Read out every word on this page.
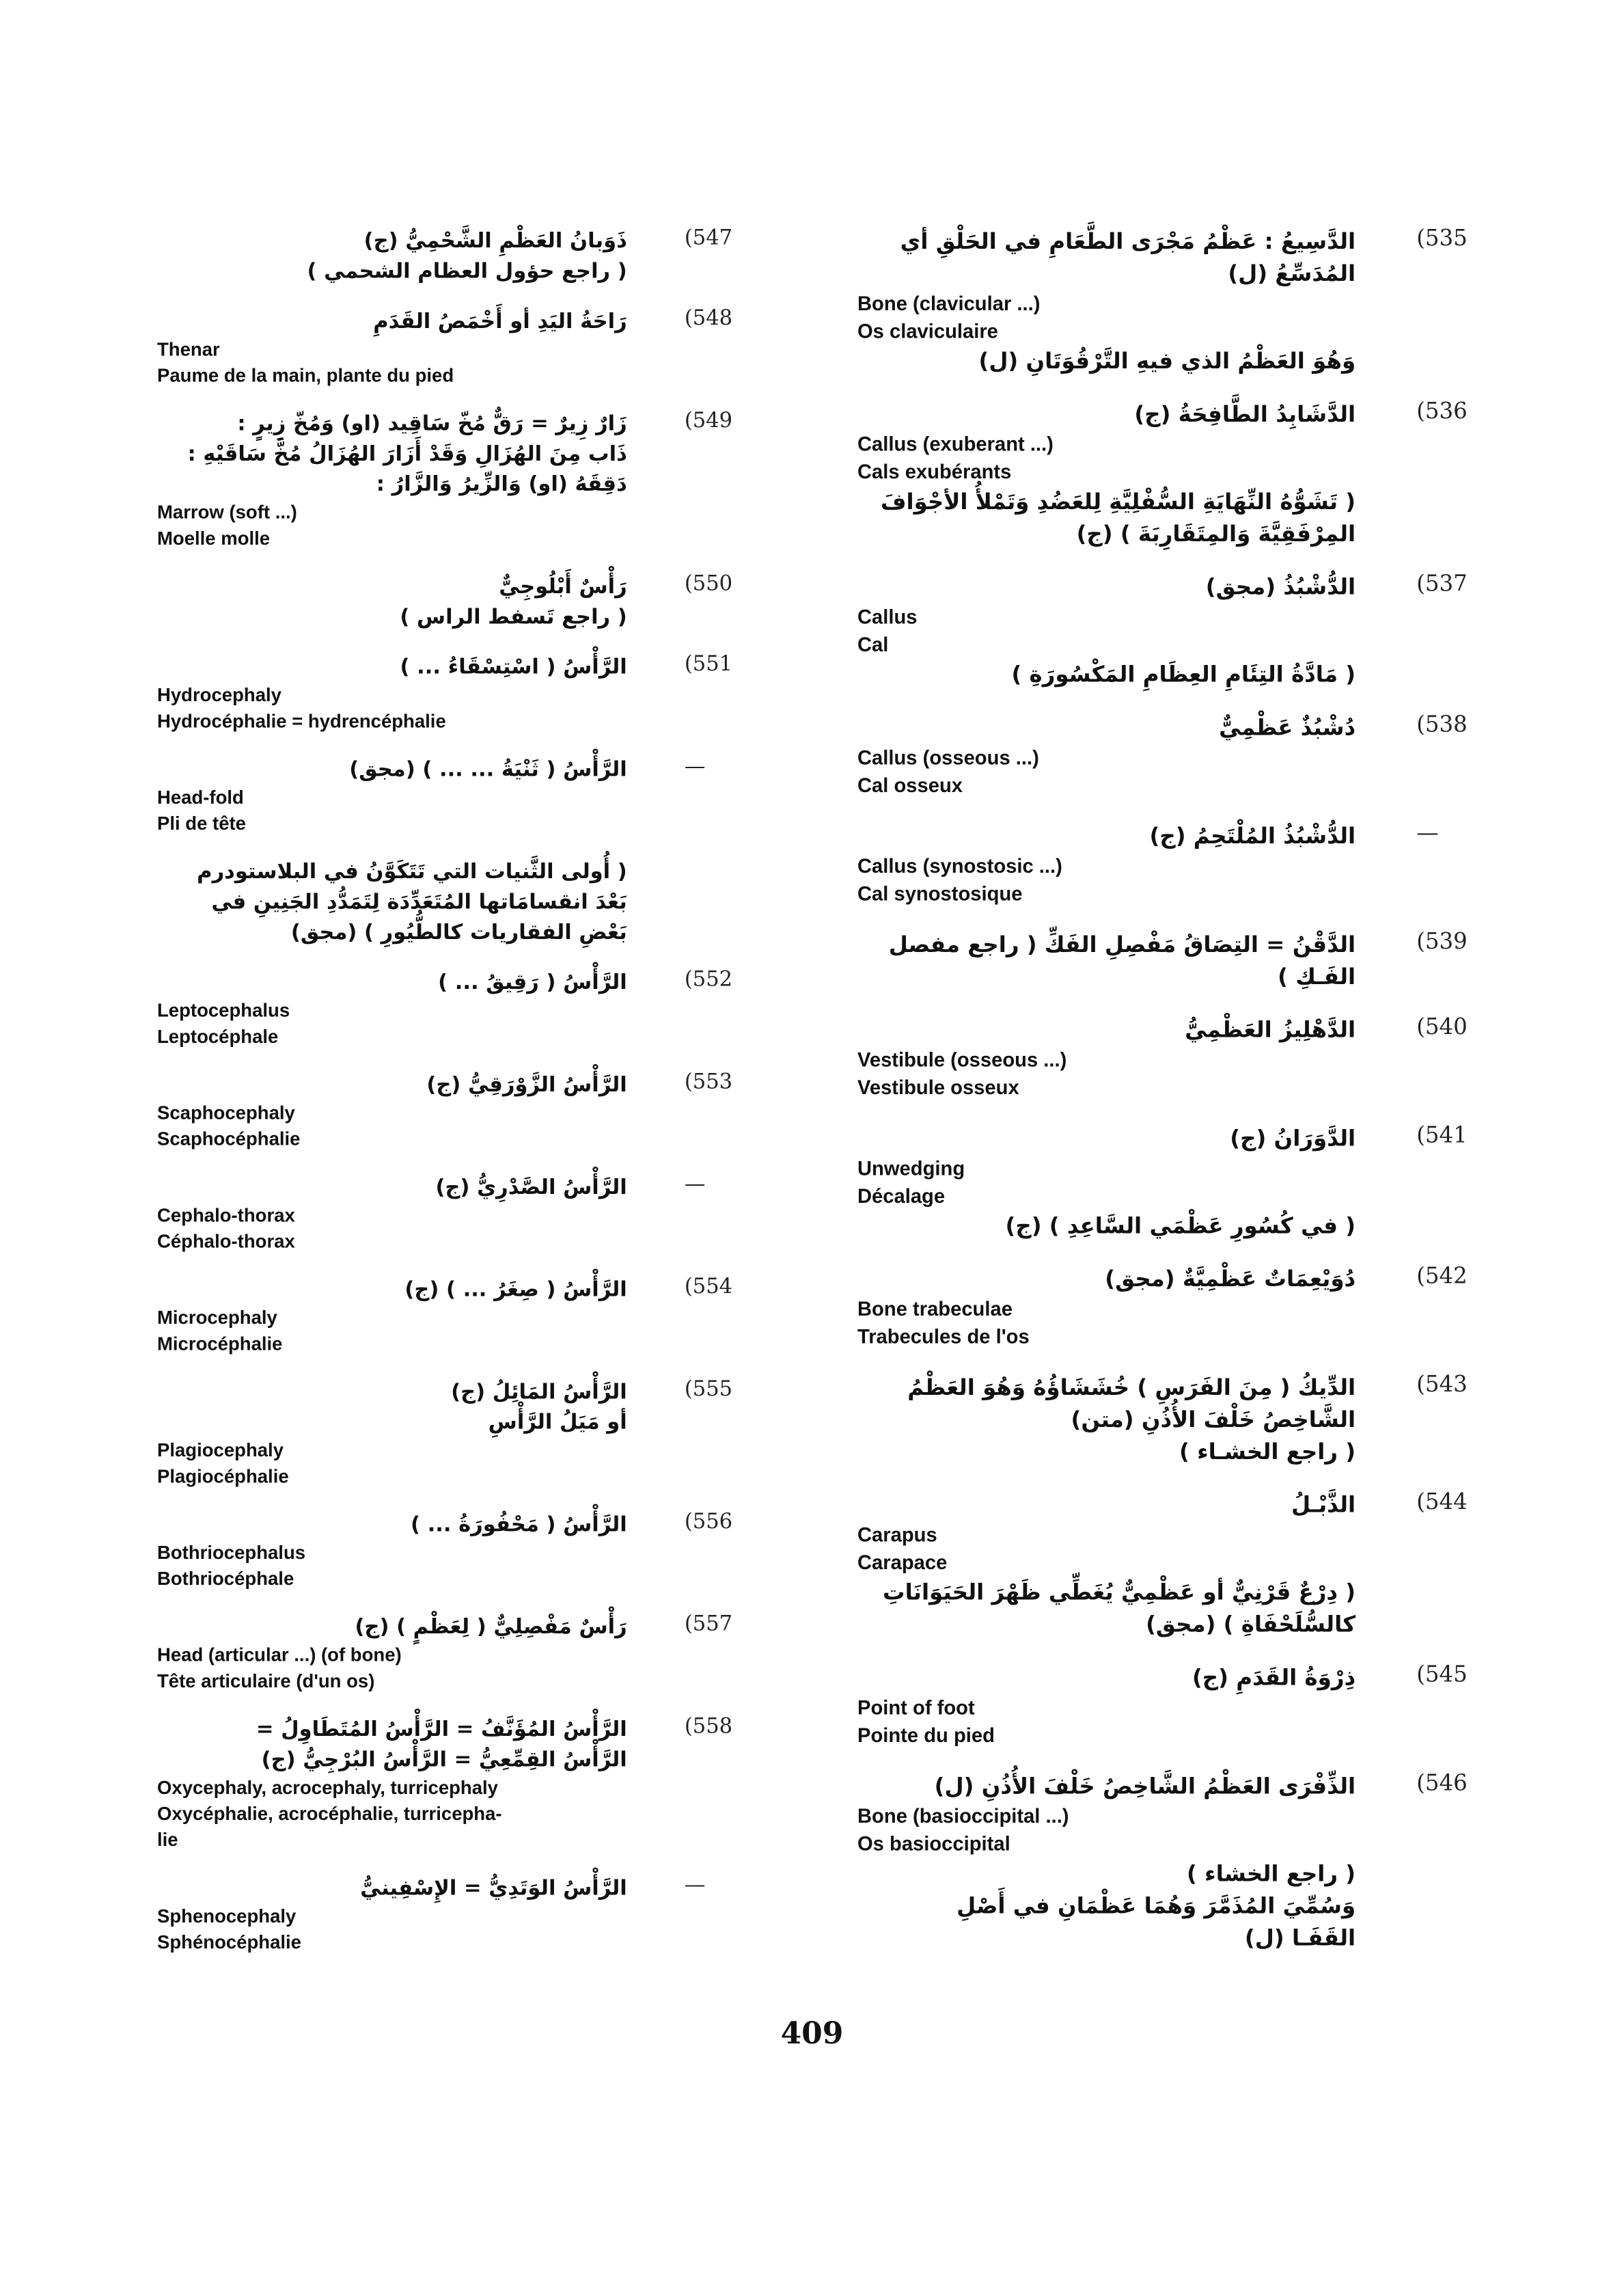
(547
ذَوَبانُ العَظْمِ الشَّحْمِيُّ (ج)
( راجع حؤول العظام الشحمي )
(548
رَاحَةُ اليَدِ أو أَخْمَصُ القَدَمِ
Thenar
Paume de la main, plante du pied
(549
زَارٌ زِيرٌ = رَقٌّ مُخّ سَاقِيد (او) وَمُخّ زِيرٍ :
ذَاب مِنَ الهُزَالِ وَقَدْ أَزَارَ الهُزَالُ مُخَّ سَاقَيْهِ :
دَقِقَهُ (او) وَالزِّيرُ وَالزَّارُ :
Marrow (soft ...)
Moelle molle
(550
رَأْسٌ أَبْلُوجِيٌّ
( راجع تَسفط الراس )
(551
الرَّأْسُ ( اسْتِسْقَاءُ ... )
Hydrocephaly
Hydrocéphalie = hydrencéphalie
—
الرَّأْسُ ( ثَنْيَةُ ... ... ) (مجق)
Head-fold
Pli de tête
( أُولى الثَّنيات التي تَتَكَوَّنُ في البلاستودرم
بَعْدَ انقسامَاتها المُتَعَدِّدَة لِتَمَدُّدِ الجَنِينِ في
بَعْضِ الفقاريات كالطُّيُورِ ) (مجق)
(552
الرَّأْسُ ( رَقِيقُ ... )
Leptocephalus
Leptocéphale
(553
الرَّأْسُ الزَّوْرَقِيُّ (ج)
Scaphocephaly
Scaphocéphalie
—
الرَّأْسُ الصَّدْرِيُّ (ج)
Cephalo-thorax
Céphalo-thorax
(554
الرَّأْسُ ( صِغَرُ ... ) (ج)
Microcephaly
Microcéphalie
(555
الرَّأْسُ المَائِلُ (ج)
أو مَيَلُ الرَّأْسِ
Plagiocephaly
Plagiocéphalie
(556
الرَّأْسُ ( مَحْفُورَةُ ... )
Bothriocephalus
Bothriocéphale
(557
رَأْسٌ مَفْصِلِيٌّ ( لِعَظْمٍ ) (ج)
Head (articular ...) (of bone)
Tête articulaire (d'un os)
(558
الرَّأْسُ المُؤَنَّفُ = الرَّأْسُ المُتَطَاوِلُ =
الرَّأْسُ القِمِّعِيُّ = الرَّأْسُ البُرْجِيُّ (ج)
Oxycephaly, acrocephaly, turricephaly
Oxycéphalie, acrocéphalie, turricepha-
lie
—
الرَّأْسُ الوَتَدِيُّ = الإِسْفِينيُّ
Sphenocephaly
Sphénocéphalie
(535
الدَّسِيعُ : عَظْمُ مَجْرَى الطَّعَامِ في الحَلْقِ أي
المُدَسِّعُ (ل)
Bone (clavicular ...)
Os claviculaire
وَهُوَ العَظْمُ الذي فيهِ التَّرْقُوَتَانِ (ل)
(536
الدَّشَابِدُ الطَّافِحَةُ (ج)
Callus (exuberant ...)
Cals exubérants
( تَشَوُّهُ النِّهَايَةِ السُّفْلِيَّةِ لِلعَضُدِ وَتَمْلأُ الأجْوَافَ
المِرْفَقِيَّةَ وَالمِتَقَارِبَةَ ) (ج)
(537
الدُّشْبُذُ (مجق)
Callus
Cal
( مَادَّةُ التِئَامِ العِظَامِ المَكْسُورَةِ )
(538
دُشْبُذٌ عَظْمِيٌّ
Callus (osseous ...)
Cal osseux
—
الدُّشْبُذُ المُلْتَحِمُ (ج)
Callus (synostosic ...)
Cal synostosique
(539
الدَّقْنُ = التِصَاقُ مَفْصِلِ الفَكِّ ( راجع مفصل
الفَـكِ )
(540
الدَّهْلِيزُ العَظْمِيُّ
Vestibule (osseous ...)
Vestibule osseux
(541
الدَّوَرَانُ (ج)
Unwedging
Décalage
( في كُسُورِ عَظْمَي السَّاعِدِ ) (ج)
(542
دُوَيْعِمَاتٌ عَظْمِيَّةٌ (مجق)
Bone trabeculae
Trabecules de l'os
(543
الدِّيكُ ( مِنَ الفَرَسِ ) خُشَشَاؤُهُ وَهُوَ العَظْمُ
الشَّاخِصُ خَلْفَ الأُذُنِ (متن)
( راجع الخشـاء )
(544
الذَّبْـلُ
Carapus
Carapace
( دِرْعٌ قَرْنِيٌّ أو عَظْمِيٌّ يُغَطِّي ظَهْرَ الحَيَوَانَاتِ
كالسُّلَحْفَاةِ ) (مجق)
(545
ذِرْوَةُ القَدَمِ (ج)
Point of foot
Pointe du pied
(546
الذِّفْرَى العَظْمُ الشَّاخِصُ خَلْفَ الأُذُنِ (ل)
Bone (basioccipital ...)
Os basioccipital
( راجع الخشاء )
وَسُمِّيَ المُذَمَّرَ وَهُمَا عَظْمَانِ في أَصْلِ
القَفَـا (ل)
409
